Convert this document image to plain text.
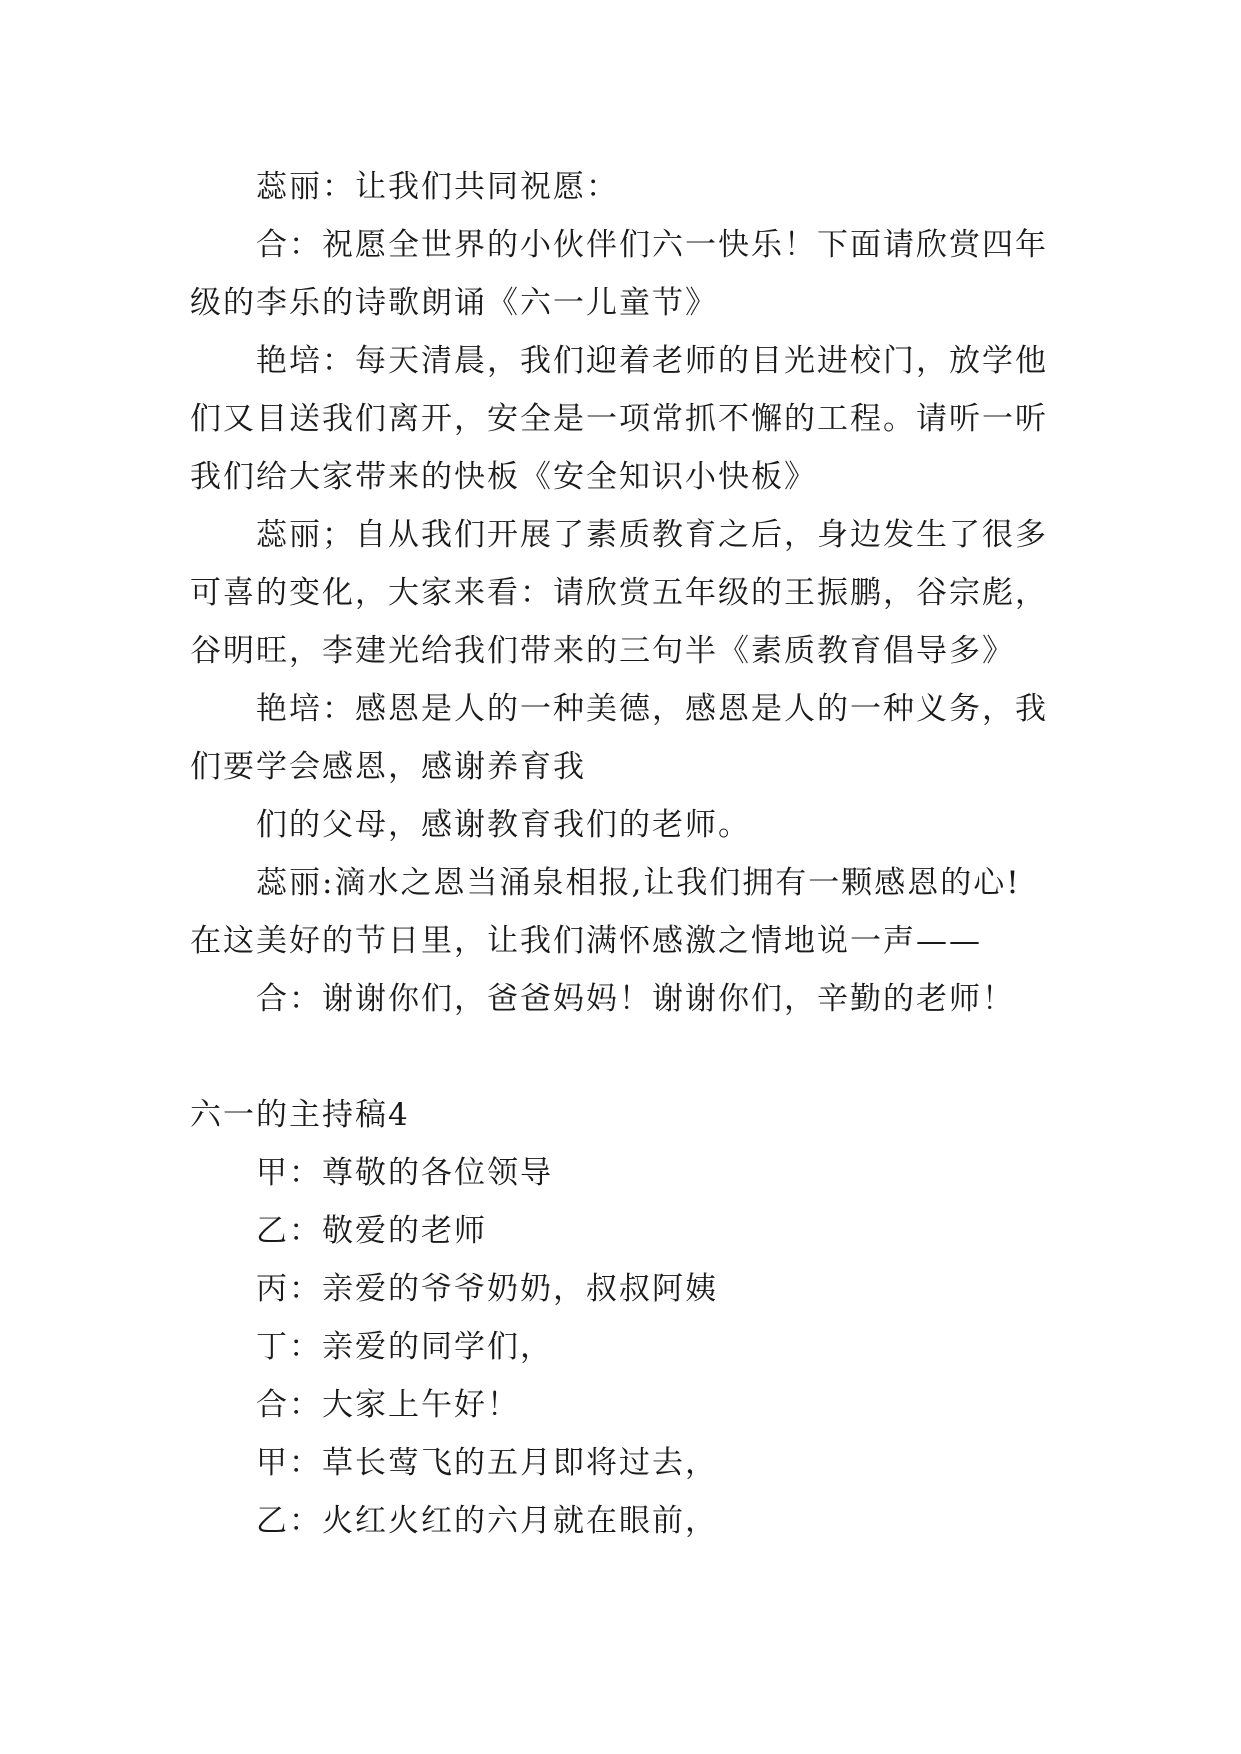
蕊丽：让我们共同祝愿：
合：祝愿全世界的小伙伴们六一快乐！下面请欣赏四年
级的李乐的诗歌朗诵《六一儿童节》
艳培：每天清晨，我们迎着老师的目光进校门，放学他
们又目送我们离开，安全是一项常抓不懈的工程。请听一听
我们给大家带来的快板《安全知识小快板》
蕊丽；自从我们开展了素质教育之后，身边发生了很多
可喜的变化，大家来看：请欣赏五年级的王振鹏，谷宗彪，
谷明旺，李建光给我们带来的三句半《素质教育倡导多》
艳培：感恩是人的一种美德，感恩是人的一种义务，我
们要学会感恩，感谢养育我
们的父母，感谢教育我们的老师。
蕊丽:滴水之恩当涌泉相报,让我们拥有一颗感恩的心!
在这美好的节日里，让我们满怀感激之情地说一声——
合：谢谢你们，爸爸妈妈！谢谢你们，辛勤的老师！
六一的主持稿4
甲：尊敬的各位领导
乙：敬爱的老师
丙：亲爱的爷爷奶奶，叔叔阿姨
丁：亲爱的同学们，
合：大家上午好！
甲：草长莺飞的五月即将过去，
乙：火红火红的六月就在眼前，
